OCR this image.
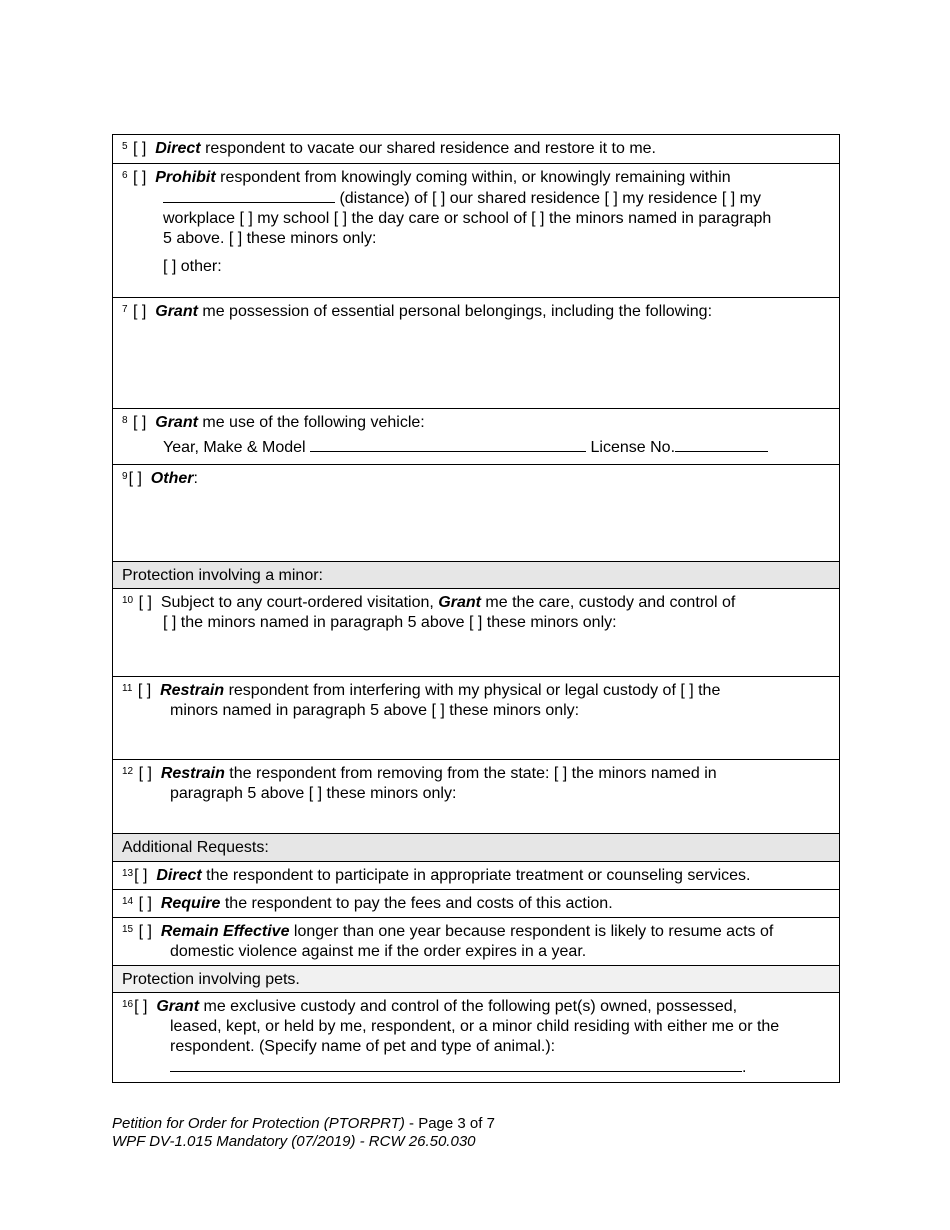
$^5$ [ ] Direct respondent to vacate our shared residence and restore it to me.
$^6$ [ ] Prohibit respondent from knowingly coming within, or knowingly remaining within
(distance) of [ ] our shared residence [ ] my residence [ ] my
workplace [ ] my school [ ] the day care or school of [ ] the minors named in paragraph
5 above. [ ] these minors only:
[ ] other:
$^7$ [ ] Grant me possession of essential personal belongings, including the following:
$^8$ [ ] Grant me use of the following vehicle:
Year, Make & Model	License No.
$^9$[ ] Other:
Protection involving a minor:
$^{10}$ [ ] Subject to any court-ordered visitation, Grant me the care, custody and control of
[ ] the minors named in paragraph 5 above [ ] these minors only:
$^{11}$ [ ] Restrain respondent from interfering with my physical or legal custody of [ ] the
minors named in paragraph 5 above [ ] these minors only:
$^{12}$ [ ] Restrain the respondent from removing from the state: [ ] the minors named in
paragraph 5 above [ ] these minors only:
Additional Requests:
$^{13}$[ ] Direct the respondent to participate in appropriate treatment or counseling services.
$^{14}$ [ ] Require the respondent to pay the fees and costs of this action.
$^{15}$ [ ] Remain Effective longer than one year because respondent is likely to resume acts of
domestic violence against me if the order expires in a year.
Protection involving pets.
$^{16}$[ ] Grant me exclusive custody and control of the following pet(s) owned, possessed,
leased, kept, or held by me, respondent, or a minor child residing with either me or the
respondent. (Specify name of pet and type of animal.):
.
Petition for Order for Protection (PTORPRT) - Page 3 of 7
WPF DV-1.015 Mandatory (07/2019) - RCW 26.50.030
